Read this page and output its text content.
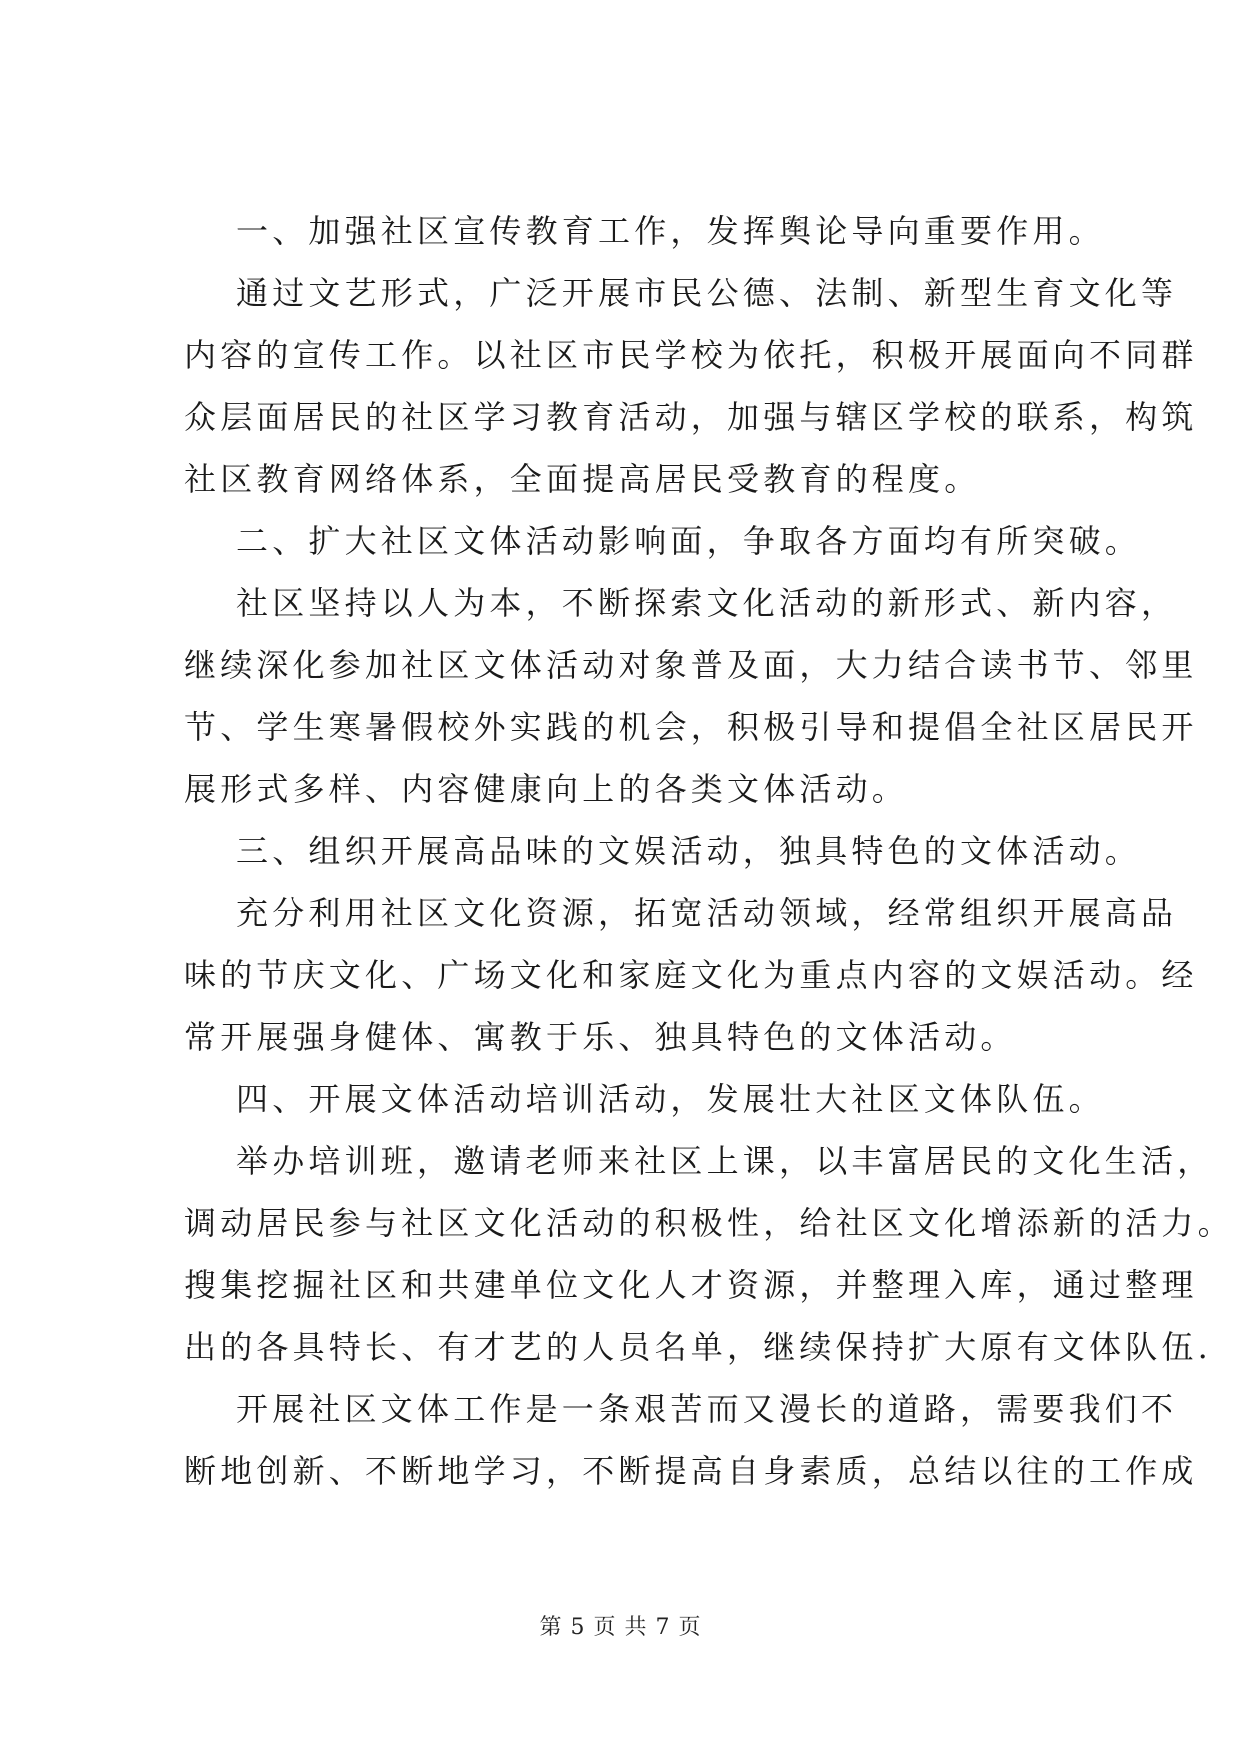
一、加强社区宣传教育工作，发挥舆论导向重要作用。
通过文艺形式，广泛开展市民公德、法制、新型生育文化等
内容的宣传工作。以社区市民学校为依托，积极开展面向不同群
众层面居民的社区学习教育活动，加强与辖区学校的联系，构筑
社区教育网络体系，全面提高居民受教育的程度。
二、扩大社区文体活动影响面，争取各方面均有所突破。
社区坚持以人为本，不断探索文化活动的新形式、新内容，
继续深化参加社区文体活动对象普及面，大力结合读书节、邻里
节、学生寒暑假校外实践的机会，积极引导和提倡全社区居民开
展形式多样、内容健康向上的各类文体活动。
三、组织开展高品味的文娱活动，独具特色的文体活动。
充分利用社区文化资源，拓宽活动领域，经常组织开展高品
味的节庆文化、广场文化和家庭文化为重点内容的文娱活动。经
常开展强身健体、寓教于乐、独具特色的文体活动。
四、开展文体活动培训活动，发展壮大社区文体队伍。
举办培训班，邀请老师来社区上课，以丰富居民的文化生活，
调动居民参与社区文化活动的积极性，给社区文化增添新的活力。
搜集挖掘社区和共建单位文化人才资源，并整理入库，通过整理
出的各具特长、有才艺的人员名单，继续保持扩大原有文体队伍.
开展社区文体工作是一条艰苦而又漫长的道路，需要我们不
断地创新、不断地学习，不断提高自身素质，总结以往的工作成
第 5 页 共 7 页
